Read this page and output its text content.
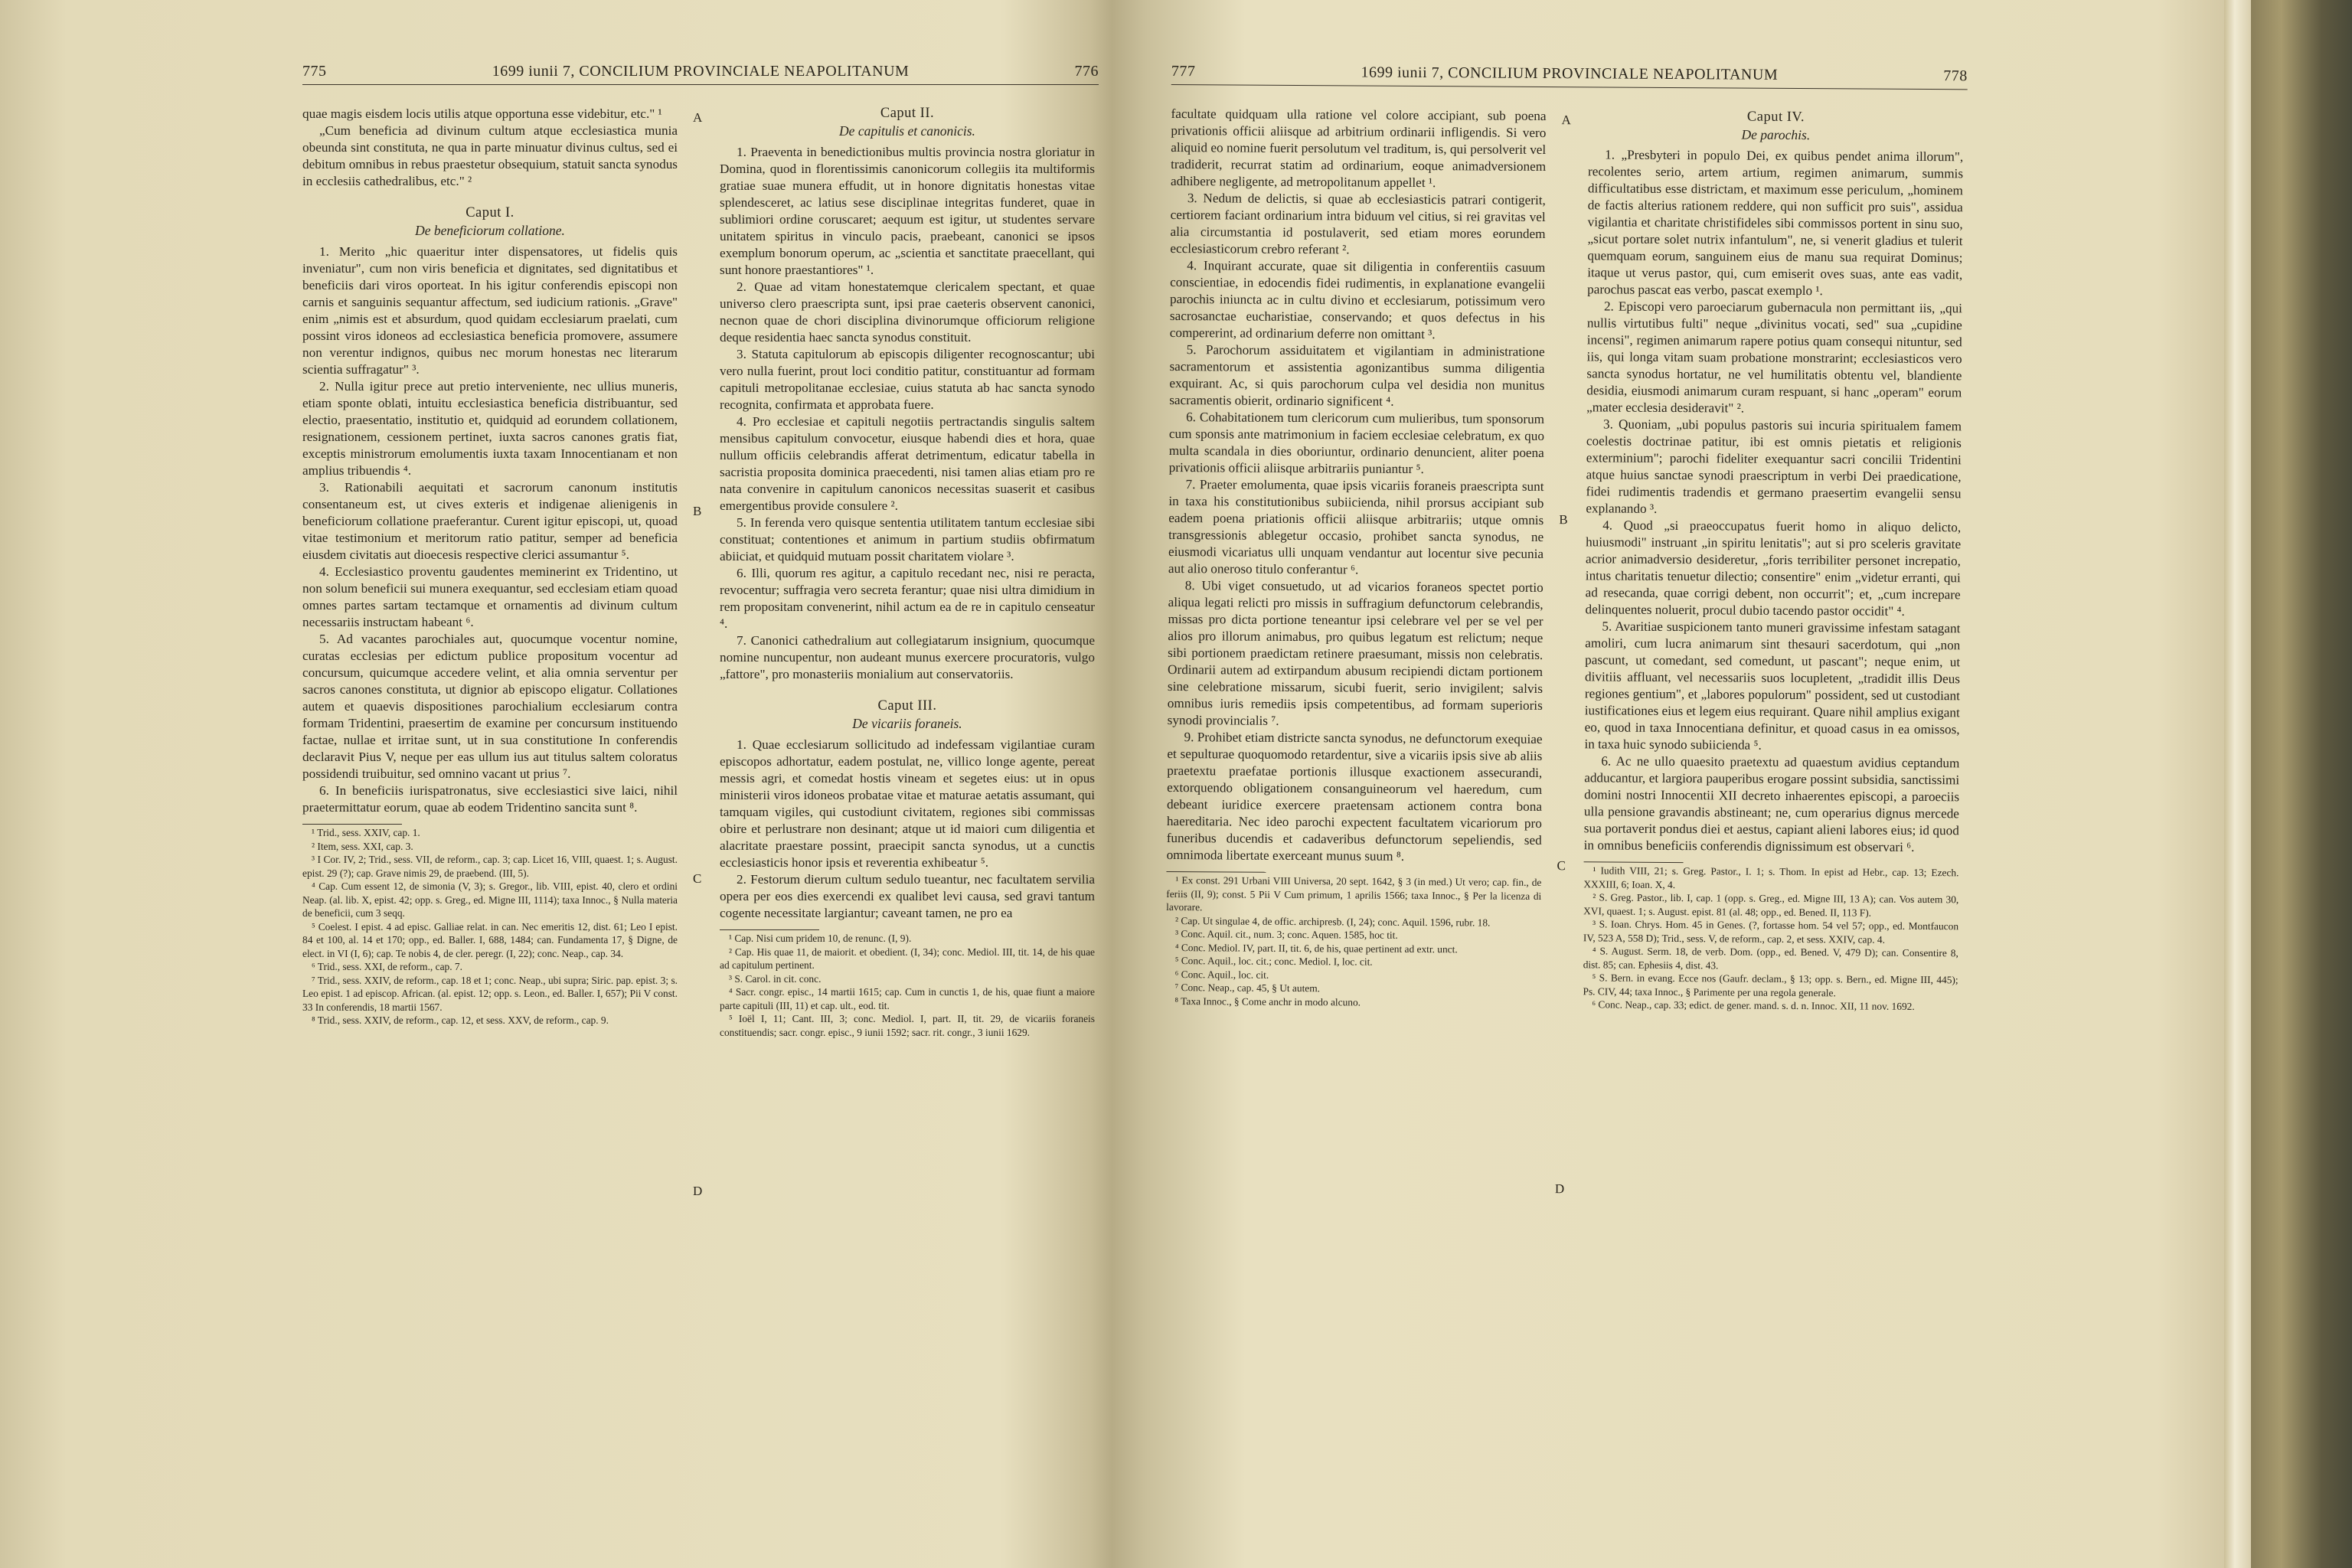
775	1699 iunii 7, CONCILIUM PROVINCIALE NEAPOLITANUM	776
A
B
C
D

quae magis eisdem locis utilis atque opportuna esse videbitur, etc." ¹

„Cum beneficia ad divinum cultum atque ecclesiastica munia obeunda sint constituta, ne qua in parte minuatur divinus cultus, sed ei debitum omnibus in rebus praestetur obsequium, statuit sancta synodus in ecclesiis cathedralibus, etc." ²

Caput I.
De beneficiorum collatione.

1. Merito „hic quaeritur inter dispensatores, ut fidelis quis inveniatur", cum non viris beneficia et dignitates, sed dignitatibus et beneficiis dari viros oporteat. In his igitur conferendis episcopi non carnis et sanguinis sequantur affectum, sed iudicium rationis. „Grave" enim „nimis est et absurdum, quod quidam ecclesiarum praelati, cum possint viros idoneos ad ecclesiastica beneficia promovere, assumere non verentur indignos, quibus nec morum honestas nec literarum scientia suffragatur" ³.

2. Nulla igitur prece aut pretio interveniente, nec ullius muneris, etiam sponte oblati, intuitu ecclesiastica beneficia distribuantur, sed electio, praesentatio, institutio et, quidquid ad eorundem collationem, resignationem, cessionem pertinet, iuxta sacros canones gratis fiat, exceptis ministrorum emolumentis iuxta taxam Innocentianam et non amplius tribuendis ⁴.

3. Rationabili aequitati et sacrorum canonum institutis consentaneum est, ut cives exteris et indigenae alienigenis in beneficiorum collatione praeferantur. Curent igitur episcopi, ut, quoad vitae testimonium et meritorum ratio patitur, semper ad beneficia eiusdem civitatis aut dioecesis respective clerici assumantur ⁵.

4. Ecclesiastico proventu gaudentes meminerint ex Tridentino, ut non solum beneficii sui munera exequantur, sed ecclesiam etiam quoad omnes partes sartam tectamque et ornamentis ad divinum cultum necessariis instructam habeant ⁶.

5. Ad vacantes parochiales aut, quocumque vocentur nomine, curatas ecclesias per edictum publice propositum vocentur ad concursum, quicumque accedere velint, et alia omnia serventur per sacros canones constituta, ut dignior ab episcopo eligatur. Collationes autem et quaevis dispositiones parochialium ecclesiarum contra formam Tridentini, praesertim de examine per concursum instituendo factae, nullae et irritae sunt, ut in sua constitutione In conferendis declaravit Pius V, neque per eas ullum ius aut titulus saltem coloratus possidendi truibuitur, sed omnino vacant ut prius ⁷.

6. In beneficiis iurispatronatus, sive ecclesiastici sive laici, nihil praetermittatur eorum, quae ab eodem Tridentino sancita sunt ⁸.

¹ Trid., sess. XXIV, cap. 1.

² Item, sess. XXI, cap. 3.

³ I Cor. IV, 2; Trid., sess. VII, de reform., cap. 3; cap. Licet 16, VIII, quaest. 1; s. August. epist. 29 (?); cap. Grave nimis 29, de praebend. (III, 5).

⁴ Cap. Cum essent 12, de simonia (V, 3); s. Gregor., lib. VIII, epist. 40, clero et ordini Neap. (al. lib. X, epist. 42; opp. s. Greg., ed. Migne III, 1114); taxa Innoc., § Nulla materia de beneficii, cum 3 seqq.

⁵ Coelest. I epist. 4 ad episc. Galliae relat. in can. Nec emeritis 12, dist. 61; Leo I epist. 84 et 100, al. 14 et 170; opp., ed. Baller. I, 688, 1484; can. Fundamenta 17, § Digne, de elect. in VI (I, 6); cap. Te nobis 4, de cler. peregr. (I, 22); conc. Neap., cap. 34.

⁶ Trid., sess. XXI, de reform., cap. 7.

⁷ Trid., sess. XXIV, de reform., cap. 18 et 1; conc. Neap., ubi supra; Siric. pap. epist. 3; s. Leo epist. 1 ad episcop. African. (al. epist. 12; opp. s. Leon., ed. Baller. I, 657); Pii V const. 33 In conferendis, 18 martii 1567.

⁸ Trid., sess. XXIV, de reform., cap. 12, et sess. XXV, de reform., cap. 9.

Caput II.
De capitulis et canonicis.

1. Praeventa in benedictionibus multis provincia nostra gloriatur in Domina, quod in florentissimis canonicorum collegiis ita multiformis gratiae suae munera effudit, ut in honore dignitatis honestas vitae splendesceret, ac latius sese disciplinae integritas funderet, quae in sublimiori ordine coruscaret; aequum est igitur, ut studentes servare unitatem spiritus in vinculo pacis, praebeant, canonici se ipsos exemplum bonorum operum, ac „scientia et sanctitate praecellant, qui sunt honore praestantiores" ¹.

2. Quae ad vitam honestatemque clericalem spectant, et quae universo clero praescripta sunt, ipsi prae caeteris observent canonici, necnon quae de chori disciplina divinorumque officiorum religione deque residentia haec sancta synodus constituit.

3. Statuta capitulorum ab episcopis diligenter recognoscantur; ubi vero nulla fuerint, prout loci conditio patitur, constituantur ad formam capituli metropolitanae ecclesiae, cuius statuta ab hac sancta synodo recognita, confirmata et approbata fuere.

4. Pro ecclesiae et capituli negotiis pertractandis singulis saltem mensibus capitulum convocetur, eiusque habendi dies et hora, quae nullum officiis celebrandis afferat detrimentum, edicatur tabella in sacristia proposita dominica praecedenti, nisi tamen alias etiam pro re nata convenire in capitulum canonicos necessitas suaserit et casibus emergentibus provide consulere ².

5. In ferenda vero quisque sententia utilitatem tantum ecclesiae sibi constituat; contentiones et animum in partium studiis obfirmatum abiiciat, et quidquid mutuam possit charitatem violare ³.

6. Illi, quorum res agitur, a capitulo recedant nec, nisi re peracta, revocentur; suffragia vero secreta ferantur; quae nisi ultra dimidium in rem propositam convenerint, nihil actum ea de re in capitulo censeatur ⁴.

7. Canonici cathedralium aut collegiatarum insignium, quocumque nomine nuncupentur, non audeant munus exercere procuratoris, vulgo „fattore", pro monasteriis monialium aut conservatoriis.

Caput III.
De vicariis foraneis.

1. Quae ecclesiarum sollicitudo ad indefessam vigilantiae curam episcopos adhortatur, eadem postulat, ne, villico longe agente, pereat messis agri, et comedat hostis vineam et segetes eius: ut in opus ministerii viros idoneos probatae vitae et maturae aetatis assumant, qui tamquam vigiles, qui custodiunt civitatem, regiones sibi commissas obire et perlustrare non desinant; atque ut id maiori cum diligentia et alacritate praestare possint, praecipit sancta synodus, ut a cunctis ecclesiasticis honor ipsis et reverentia exhibeatur ⁵.

2. Festorum dierum cultum sedulo tueantur, nec facultatem servilia opera per eos dies exercendi ex qualibet levi causa, sed gravi tantum cogente necessitate largiantur; caveant tamen, ne pro ea

¹ Cap. Nisi cum pridem 10, de renunc. (I, 9).

² Cap. His quae 11, de maiorit. et obedient. (I, 34); conc. Mediol. III, tit. 14, de his quae ad capitulum pertinent.

³ S. Carol. in cit. conc.

⁴ Sacr. congr. episc., 14 martii 1615; cap. Cum in cunctis 1, de his, quae fiunt a maiore parte capituli (III, 11) et cap. ult., eod. tit.

⁵ Ioël I, 11; Cant. III, 3; conc. Mediol. I, part. II, tit. 29, de vicariis foraneis constituendis; sacr. congr. episc., 9 iunii 1592; sacr. rit. congr., 3 iunii 1629.

777	1699 iunii 7, CONCILIUM PROVINCIALE NEAPOLITANUM	778
A
B
C
D

facultate quidquam ulla ratione vel colore accipiant, sub poena privationis officii aliisque ad arbitrium ordinarii infligendis. Si vero aliquid eo nomine fuerit persolutum vel traditum, is, qui persolverit vel tradiderit, recurrat statim ad ordinarium, eoque animadversionem adhibere negligente, ad metropolitanum appellet ¹.

3. Nedum de delictis, si quae ab ecclesiasticis patrari contigerit, certiorem faciant ordinarium intra biduum vel citius, si rei gravitas vel alia circumstantia id postulaverit, sed etiam mores eorundem ecclesiasticorum crebro referant ².

4. Inquirant accurate, quae sit diligentia in conferentiis casuum conscientiae, in edocendis fidei rudimentis, in explanatione evangelii parochis iniuncta ac in cultu divino et ecclesiarum, potissimum vero sacrosanctae eucharistiae, conservando; et quos defectus in his compererint, ad ordinarium deferre non omittant ³.

5. Parochorum assiduitatem et vigilantiam in administratione sacramentorum et assistentia agonizantibus summa diligentia exquirant. Ac, si quis parochorum culpa vel desidia non munitus sacramentis obierit, ordinario significent ⁴.

6. Cohabitationem tum clericorum cum mulieribus, tum sponsorum cum sponsis ante matrimonium in faciem ecclesiae celebratum, ex quo multa scandala in dies oboriuntur, ordinario denuncient, aliter poena privationis officii aliisque arbitrariis puniantur ⁵.

7. Praeter emolumenta, quae ipsis vicariis foraneis praescripta sunt in taxa his constitutionibus subiicienda, nihil prorsus accipiant sub eadem poena priationis officii aliisque arbitrariis; utque omnis transgressionis ablegetur occasio, prohibet sancta synodus, ne eiusmodi vicariatus ulli unquam vendantur aut locentur sive pecunia aut alio oneroso titulo conferantur ⁶.

8. Ubi viget consuetudo, ut ad vicarios foraneos spectet portio aliqua legati relicti pro missis in suffragium defunctorum celebrandis, missas pro dicta portione teneantur ipsi celebrare vel per se vel per alios pro illorum animabus, pro quibus legatum est relictum; neque sibi portionem praedictam retinere praesumant, missis non celebratis. Ordinarii autem ad extirpandum abusum recipiendi dictam portionem sine celebratione missarum, sicubi fuerit, serio invigilent; salvis omnibus iuris remediis ipsis competentibus, ad formam superioris synodi provincialis ⁷.

9. Prohibet etiam districte sancta synodus, ne defunctorum exequiae et sepulturae quoquomodo retardentur, sive a vicariis ipsis sive ab aliis praetextu praefatae portionis illusque exactionem assecurandi, extorquendo obligationem consanguineorum vel haeredum, cum debeant iuridice exercere praetensam actionem contra bona haereditaria. Nec ideo parochi expectent facultatem vicariorum pro funeribus ducendis et cadaveribus defunctorum sepeliendis, sed omnimoda libertate exerceant munus suum ⁸.

¹ Ex const. 291 Urbani VIII Universa, 20 sept. 1642, § 3 (in med.) Ut vero; cap. fin., de feriis (II, 9); const. 5 Pii V Cum primum, 1 aprilis 1566; taxa Innoc., § Per la licenza di lavorare.

² Cap. Ut singulae 4, de offic. archipresb. (I, 24); conc. Aquil. 1596, rubr. 18.

³ Conc. Aquil. cit., num. 3; conc. Aquen. 1585, hoc tit.

⁴ Conc. Mediol. IV, part. II, tit. 6, de his, quae pertinent ad extr. unct.

⁵ Conc. Aquil., loc. cit.; conc. Mediol. I, loc. cit.

⁶ Conc. Aquil., loc. cit.

⁷ Conc. Neap., cap. 45, § Ut autem.

⁸ Taxa Innoc., § Come anchr in modo alcuno.

Caput IV.
De parochis.

1. „Presbyteri in populo Dei, ex quibus pendet anima illorum", recolentes serio, artem artium, regimen animarum, summis difficultatibus esse districtam, et maximum esse periculum, „hominem de factis alterius rationem reddere, qui non sufficit pro suis", assidua vigilantia et charitate christifideles sibi commissos portent in sinu suo, „sicut portare solet nutrix infantulum", ne, si venerit gladius et tulerit quemquam eorum, sanguinem eius de manu sua requirat Dominus; itaque ut verus pastor, qui, cum emiserit oves suas, ante eas vadit, parochus pascat eas verbo, pascat exemplo ¹.

2. Episcopi vero paroeciarum gubernacula non permittant iis, „qui nullis virtutibus fulti" neque „divinitus vocati, sed" sua „cupidine incensi", regimen animarum rapere potius quam consequi nituntur, sed iis, qui longa vitam suam probatione monstrarint; ecclesiasticos vero sancta synodus hortatur, ne vel humilitatis obtentu vel, blandiente desidia, eiusmodi animarum curam respuant, si hanc „operam" eorum „mater ecclesia desideravit" ².

3. Quoniam, „ubi populus pastoris sui incuria spiritualem famem coelestis doctrinae patitur, ibi est omnis pietatis et religionis exterminium"; parochi fideliter exequantur sacri concilii Tridentini atque huius sanctae synodi praescriptum in verbi Dei praedicatione, fidei rudimentis tradendis et germano praesertim evangelii sensu explanando ³.

4. Quod „si praeoccupatus fuerit homo in aliquo delicto, huiusmodi" instruant „in spiritu lenitatis"; aut si pro sceleris gravitate acrior animadversio desideretur, „foris terribiliter personet increpatio, intus charitatis tenuetur dilectio; consentire" enim „videtur erranti, qui ad resecanda, quae corrigi debent, non occurrit"; et, „cum increpare delinquentes noluerit, procul dubio tacendo pastor occidit" ⁴.

5. Avaritiae suspicionem tanto muneri gravissime infestam satagant amoliri, cum lucra animarum sint thesauri sacerdotum, qui „non pascunt, ut comedant, sed comedunt, ut pascant"; neque enim, ut divitiis affluant, vel necessariis suos locupletent, „tradidit illis Deus regiones gentium", et „labores populorum" possident, sed ut custodiant iustificationes eius et legem eius requirant. Quare nihil amplius exigant eo, quod in taxa Innocentiana definitur, et quoad casus in ea omissos, in taxa huic synodo subiicienda ⁵.

6. Ac ne ullo quaesito praetextu ad quaestum avidius ceptandum adducantur, et largiora pauperibus erogare possint subsidia, sanctissimi domini nostri Innocentii XII decreto inhaerentes episcopi, a paroeciis ulla pensione gravandis abstineant; ne, cum operarius dignus mercede sua portaverit pondus diei et aestus, capiant alieni labores eius; id quod in omnibus beneficiis conferendis dignissimum est observari ⁶.

¹ Iudith VIII, 21; s. Greg. Pastor., I. 1; s. Thom. In epist ad Hebr., cap. 13; Ezech. XXXIII, 6; Ioan. X, 4.

² S. Greg. Pastor., lib. I, cap. 1 (opp. s. Greg., ed. Migne III, 13 A); can. Vos autem 30, XVI, quaest. 1; s. August. epist. 81 (al. 48; opp., ed. Bened. II, 113 F).

³ S. Ioan. Chrys. Hom. 45 in Genes. (?, fortasse hom. 54 vel 57; opp., ed. Montfaucon IV, 523 A, 558 D); Trid., sess. V, de reform., cap. 2, et sess. XXIV, cap. 4.

⁴ S. August. Serm. 18, de verb. Dom. (opp., ed. Bened. V, 479 D); can. Consentire 8, dist. 85; can. Ephesiis 4, dist. 43.

⁵ S. Bern. in evang. Ecce nos (Gaufr. declam., § 13; opp. s. Bern., ed. Migne III, 445); Ps. CIV, 44; taxa Innoc., § Parimente per una regola generale.

⁶ Conc. Neap., cap. 33; edict. de gener. mand. s. d. n. Innoc. XII, 11 nov. 1692.
